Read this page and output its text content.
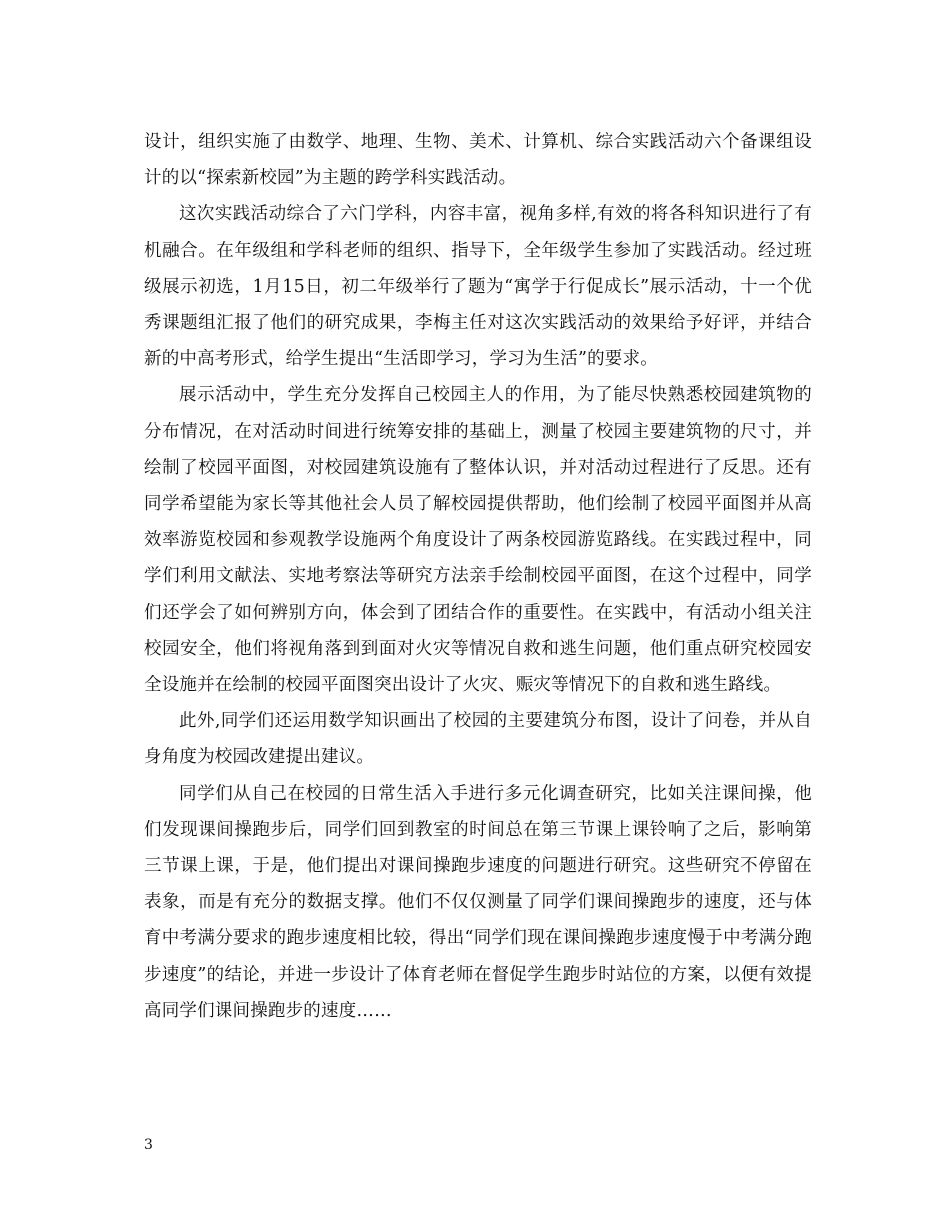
设计，组织实施了由数学、地理、生物、美术、计算机、综合实践活动六个备课组设计的以“探索新校园”为主题的跨学科实践活动。

这次实践活动综合了六门学科，内容丰富，视角多样,有效的将各科知识进行了有机融合。在年级组和学科老师的组织、指导下，全年级学生参加了实践活动。经过班级展示初选，1月15日，初二年级举行了题为“寓学于行促成长”展示活动，十一个优秀课题组汇报了他们的研究成果，李梅主任对这次实践活动的效果给予好评，并结合新的中高考形式，给学生提出“生活即学习，学习为生活”的要求。

展示活动中，学生充分发挥自己校园主人的作用，为了能尽快熟悉校园建筑物的分布情况，在对活动时间进行统筹安排的基础上，测量了校园主要建筑物的尺寸，并绘制了校园平面图，对校园建筑设施有了整体认识，并对活动过程进行了反思。还有同学希望能为家长等其他社会人员了解校园提供帮助，他们绘制了校园平面图并从高效率游览校园和参观教学设施两个角度设计了两条校园游览路线。在实践过程中，同学们利用文献法、实地考察法等研究方法亲手绘制校园平面图，在这个过程中，同学们还学会了如何辨别方向，体会到了团结合作的重要性。在实践中，有活动小组关注校园安全，他们将视角落到到面对火灾等情况自救和逃生问题，他们重点研究校园安全设施并在绘制的校园平面图突出设计了火灾、赈灾等情况下的自救和逃生路线。

此外,同学们还运用数学知识画出了校园的主要建筑分布图，设计了问卷，并从自身角度为校园改建提出建议。

同学们从自己在校园的日常生活入手进行多元化调查研究，比如关注课间操，他们发现课间操跑步后，同学们回到教室的时间总在第三节课上课铃响了之后，影响第三节课上课，于是，他们提出对课间操跑步速度的问题进行研究。这些研究不停留在表象，而是有充分的数据支撑。他们不仅仅测量了同学们课间操跑步的速度，还与体育中考满分要求的跑步速度相比较，得出“同学们现在课间操跑步速度慢于中考满分跑步速度”的结论，并进一步设计了体育老师在督促学生跑步时站位的方案，以便有效提高同学们课间操跑步的速度……

3
